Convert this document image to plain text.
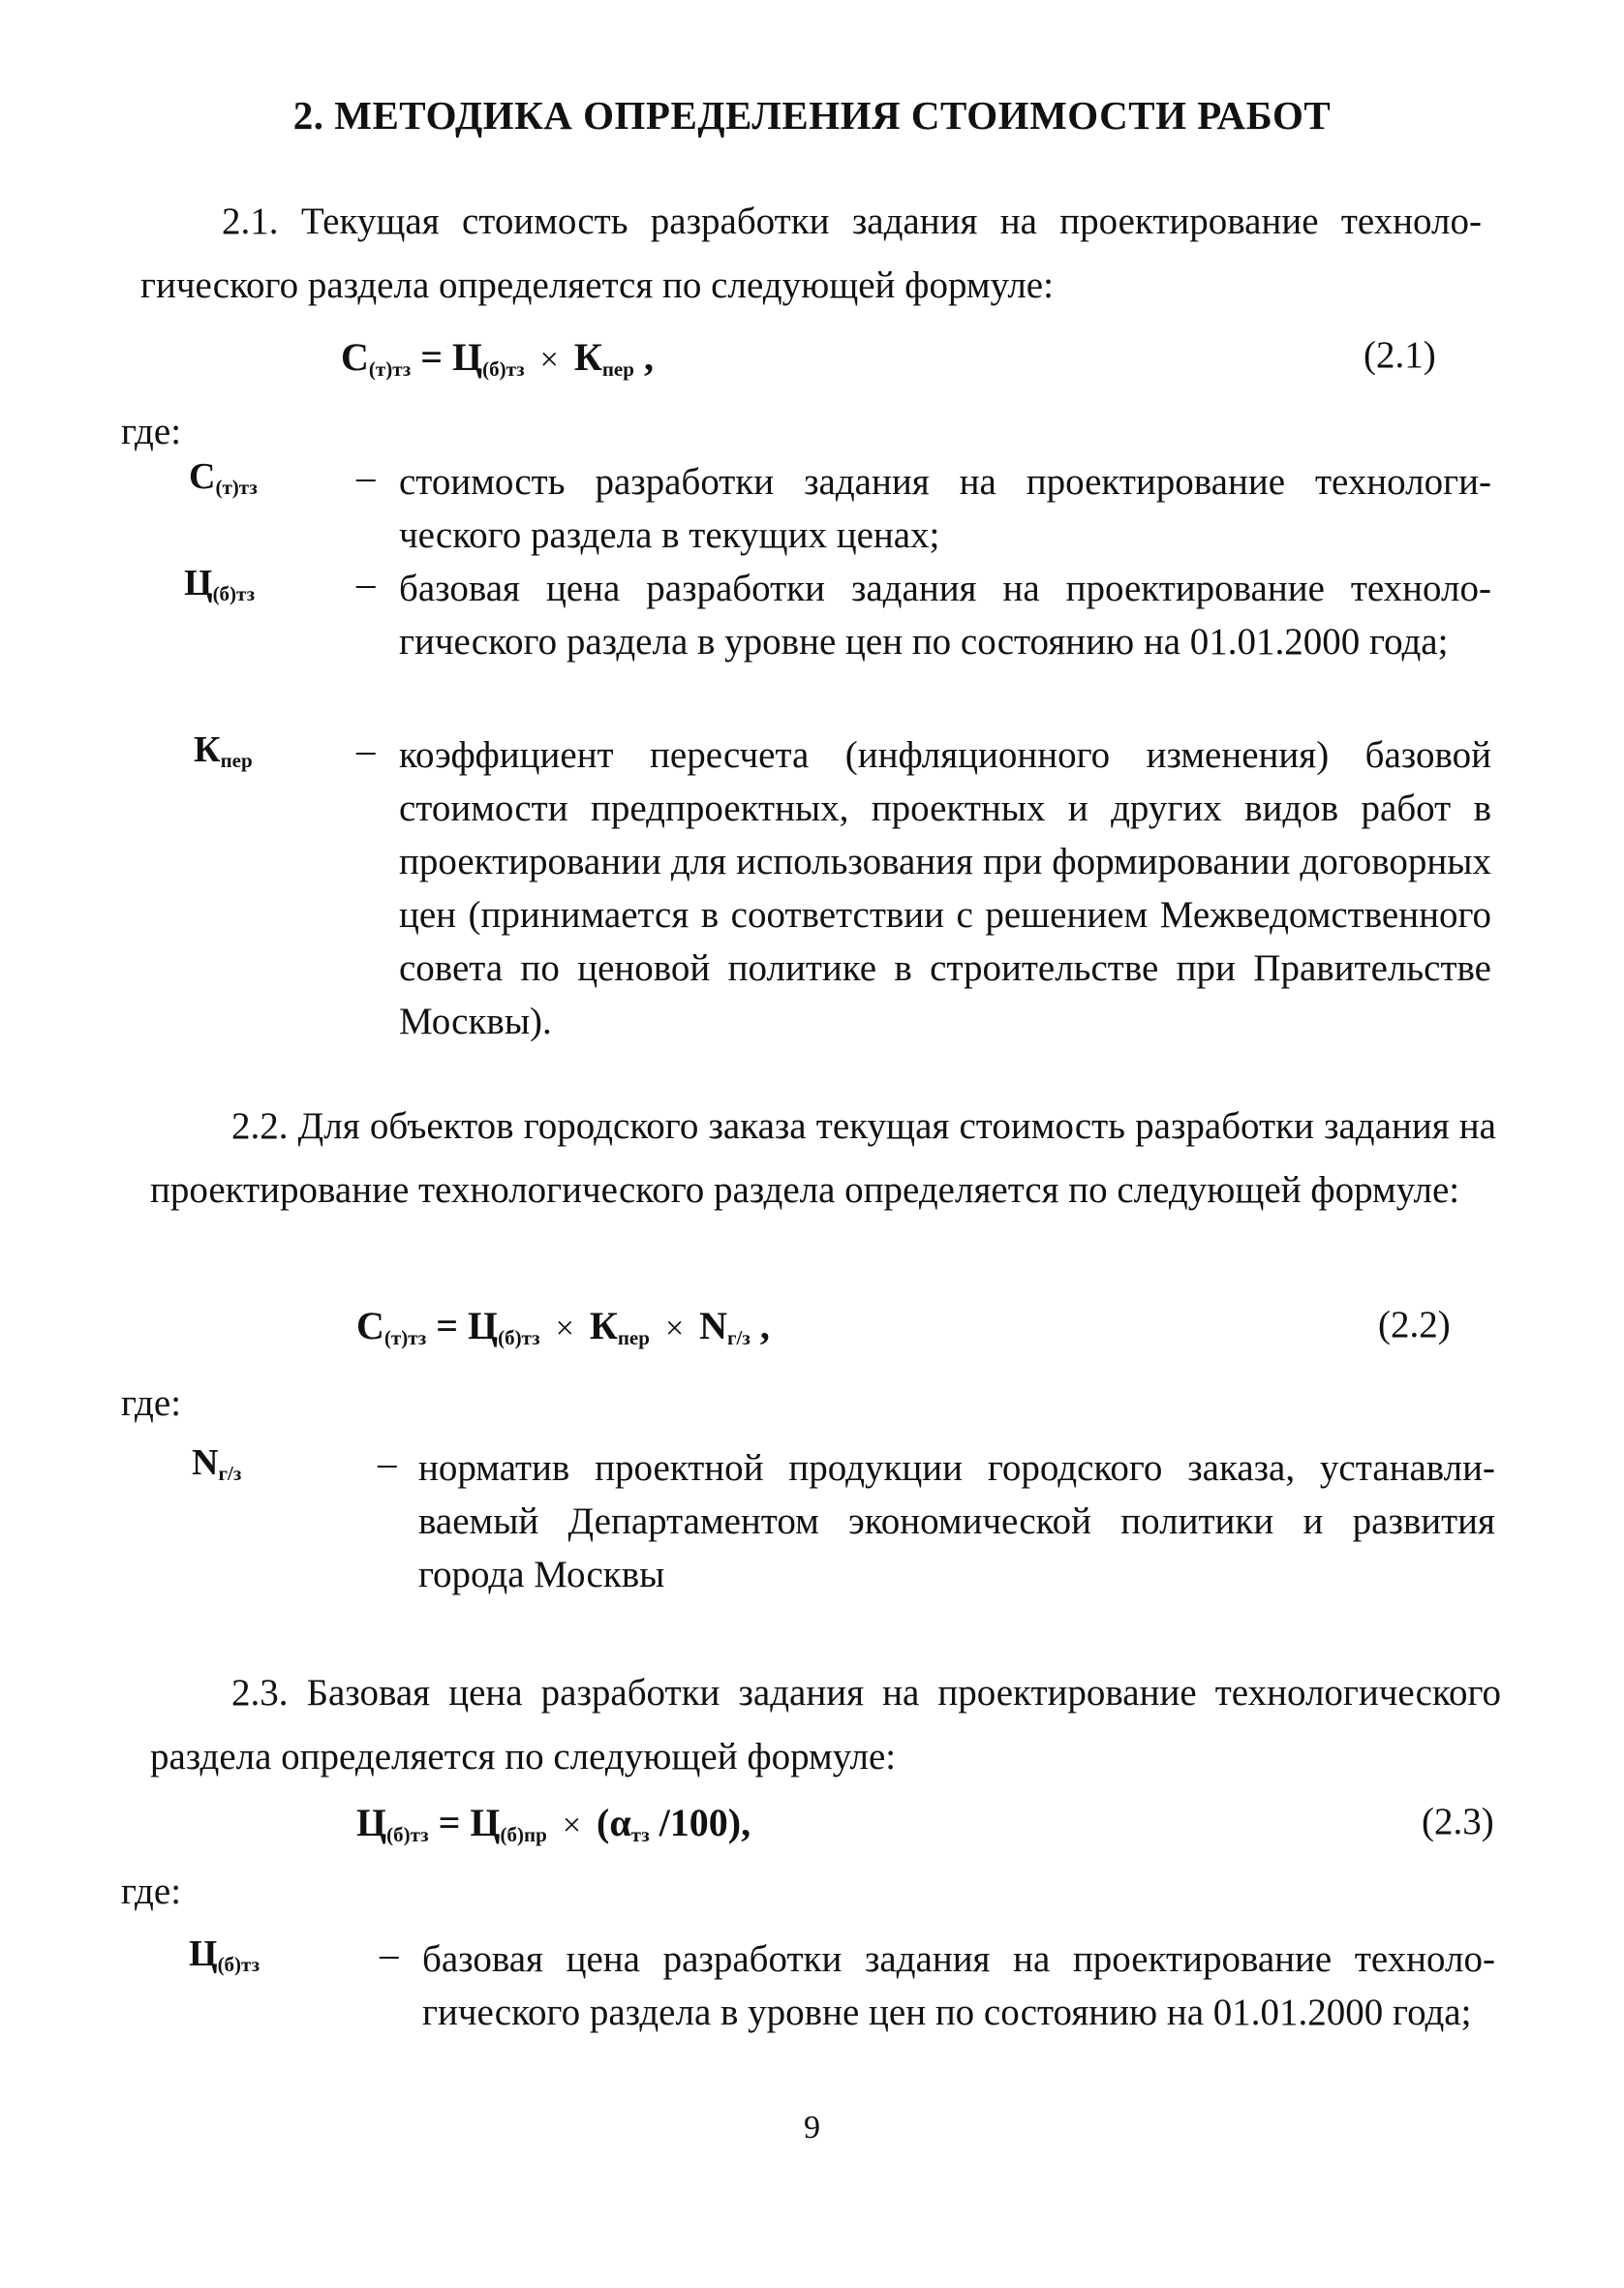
2. МЕТОДИКА ОПРЕДЕЛЕНИЯ СТОИМОСТИ РАБОТ

2.1. Текущая стоимость разработки задания на проектирование технологического раздела определяется по следующей формуле:

$С_{(т)тз} = Ц_{(б)тз} \times К_{пер}$ ,	(2.1)
где:
$С_{(т)тз}$	– стоимость разработки задания на проектирование технологического раздела в текущих ценах;

$Ц_{(б)тз}$	– базовая цена разработки задания на проектирование технологического раздела в уровне цен по состоянию на 01.01.2000 года;

$К_{пер}$	– коэффициент пересчета (инфляционного изменения) базовой стоимости предпроектных, проектных и других видов работ в проектировании для использования при формировании договорных цен (принимается в соответствии с решением Межведомственного совета по ценовой политике в строительстве при Правительстве Москвы).

2.2. Для объектов городского заказа текущая стоимость разработки задания на проектирование технологического раздела определяется по следующей формуле:

$С_{(т)тз} = Ц_{(б)тз} \times К_{пер} \times N_{г/з}$ ,	(2.2)
где:
$N_{г/з}$	– норматив проектной продукции городского заказа, устанавливаемый Департаментом экономической политики и развития города Москвы

2.3. Базовая цена разработки задания на проектирование технологического раздела определяется по следующей формуле:

$Ц_{(б)тз} = Ц_{(б)пр} \times (\alpha_{тз}$ /100),	(2.3)
где:
$Ц_{(б)тз}$	– базовая цена разработки задания на проектирование технологического раздела в уровне цен по состоянию на 01.01.2000 года;

9
